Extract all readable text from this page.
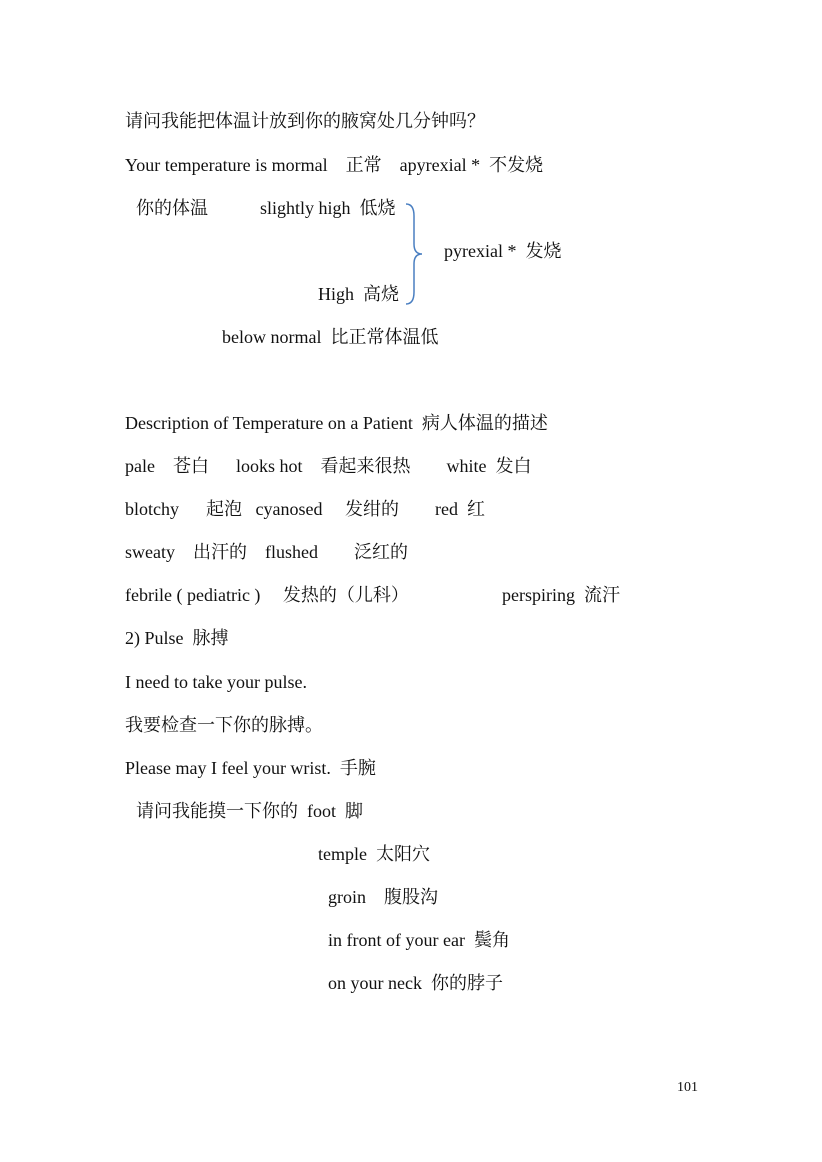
请问我能把体温计放到你的腋窝处几分钟吗？
Your temperature is mormal    正常    apyrexial *  不发烧
你的体温	slightly high  低烧
pyrexial *  发烧
High  高烧
below normal  比正常体温低
Description of Temperature on a Patient  病人体温的描述
pale    苍白      looks hot    看起来很热        white  发白
blotchy      起泡   cyanosed     发绀的        red  红
sweaty    出汗的    flushed        泛红的
febrile ( pediatric )     发热的（儿科）	perspiring  流汗
2) Pulse  脉搏
I need to take your pulse.
我要检查一下你的脉搏。
Please may I feel your wrist.  手腕
请问我能摸一下你的  foot  脚
temple  太阳穴
groin    腹股沟
in front of your ear  鬓角
on your neck  你的脖子
101
